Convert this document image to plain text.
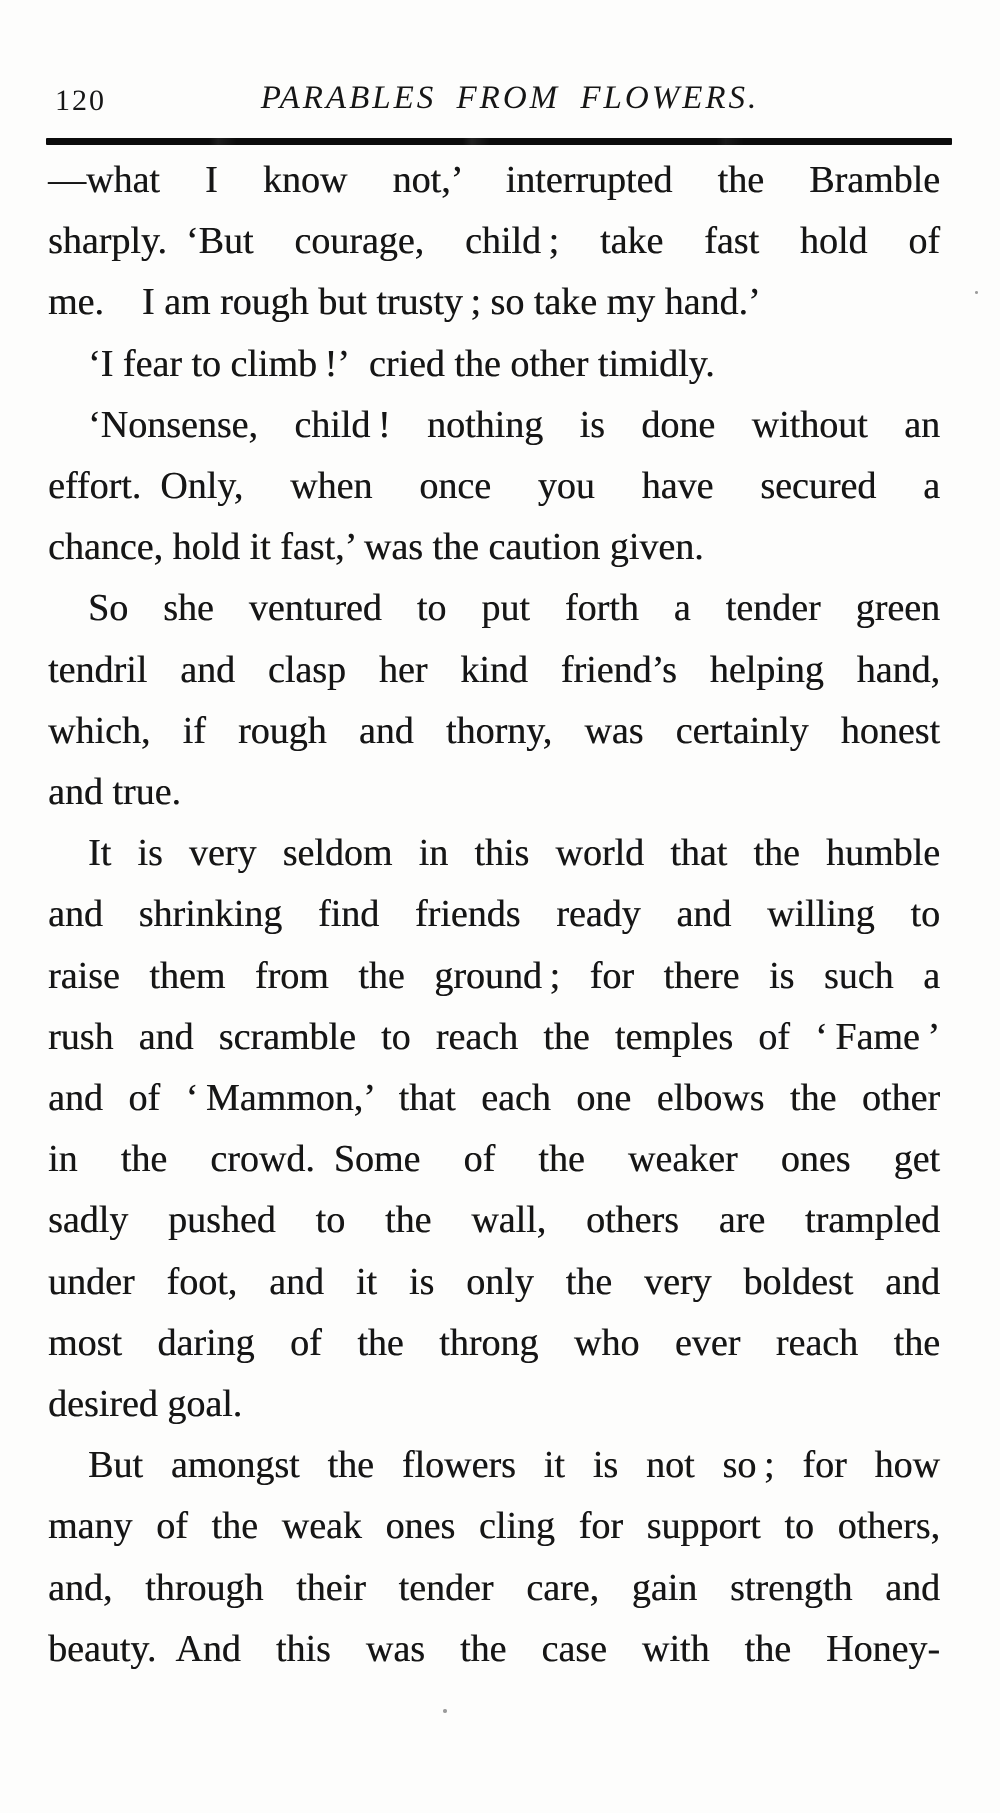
120	PARABLES FROM FLOWERS.
—what I know not,’ interrupted the Bramble
sharply. ‘But courage, child ; take fast hold of
me. I am rough but trusty ; so take my hand.’
‘I fear to climb !’ cried the other timidly.
‘Nonsense, child ! nothing is done without an
effort. Only, when once you have secured a
chance, hold it fast,’ was the caution given.
So she ventured to put forth a tender green
tendril and clasp her kind friend’s helping hand,
which, if rough and thorny, was certainly honest
and true.
It is very seldom in this world that the humble
and shrinking find friends ready and willing to
raise them from the ground ; for there is such a
rush and scramble to reach the temples of ‘ Fame ’
and of ‘ Mammon,’ that each one elbows the other
in the crowd. Some of the weaker ones get
sadly pushed to the wall, others are trampled
under foot, and it is only the very boldest and
most daring of the throng who ever reach the
desired goal.
But amongst the flowers it is not so ; for how
many of the weak ones cling for support to others,
and, through their tender care, gain strength and
beauty. And this was the case with the Honey-
